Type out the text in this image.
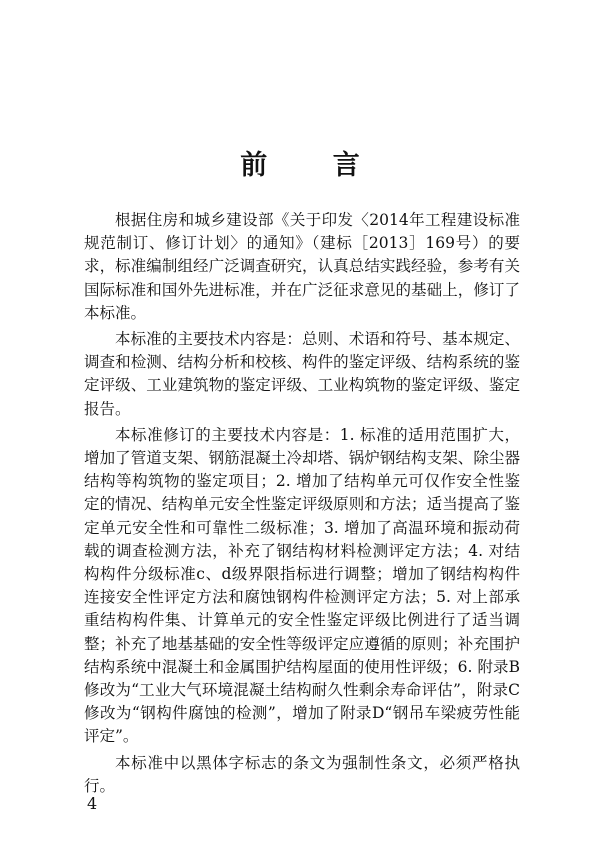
前 言

根据住房和城乡建设部《关于印发〈2014年工程建设标准规范制订、修订计划〉的通知》（建标［2013］169号）的要求，标准编制组经广泛调查研究，认真总结实践经验，参考有关国际标准和国外先进标准，并在广泛征求意见的基础上，修订了本标准。

本标准的主要技术内容是：总则、术语和符号、基本规定、调查和检测、结构分析和校核、构件的鉴定评级、结构系统的鉴定评级、工业建筑物的鉴定评级、工业构筑物的鉴定评级、鉴定报告。

本标准修订的主要技术内容是：1. 标准的适用范围扩大，增加了管道支架、钢筋混凝土冷却塔、锅炉钢结构支架、除尘器结构等构筑物的鉴定项目；2. 增加了结构单元可仅作安全性鉴定的情况、结构单元安全性鉴定评级原则和方法；适当提高了鉴定单元安全性和可靠性二级标准；3. 增加了高温环境和振动荷载的调查检测方法，补充了钢结构材料检测评定方法；4. 对结构构件分级标准c、d级界限指标进行调整；增加了钢结构构件连接安全性评定方法和腐蚀钢构件检测评定方法；5. 对上部承重结构构件集、计算单元的安全性鉴定评级比例进行了适当调整；补充了地基基础的安全性等级评定应遵循的原则；补充围护结构系统中混凝土和金属围护结构屋面的使用性评级；6. 附录B修改为“工业大气环境混凝土结构耐久性剩余寿命评估”，附录C修改为“钢构件腐蚀的检测”，增加了附录D“钢吊车梁疲劳性能评定”。

本标准中以黑体字标志的条文为强制性条文，必须严格执行。

4
